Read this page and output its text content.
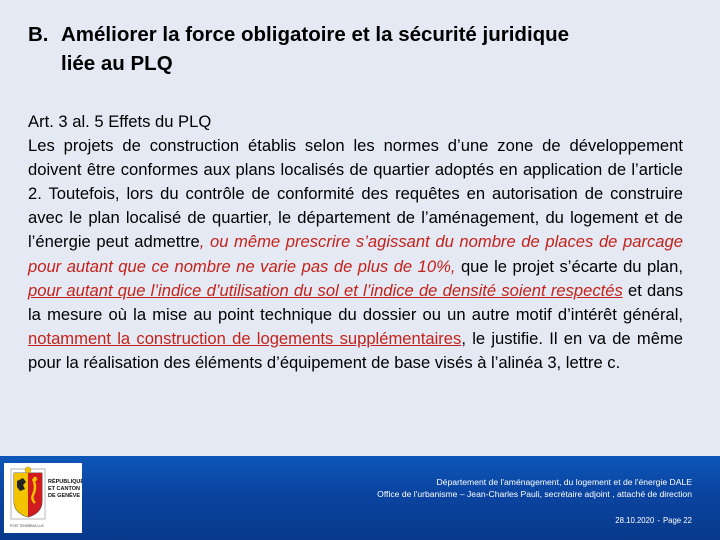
B. Améliorer la force obligatoire et la sécurité juridique
liée au PLQ
Art. 3 al. 5 Effets du PLQ
Les projets de construction établis selon les normes d’une zone de développement doivent être conformes aux plans localisés de quartier adoptés en application de l’article 2. Toutefois, lors du contrôle de conformité des requêtes en autorisation de construire avec le plan localisé de quartier, le département de l’aménagement, du logement et de l’énergie peut admettre, ou même prescrire s’agissant du nombre de places de parcage pour autant que ce nombre ne varie pas de plus de 10%, que le projet s’écarte du plan, pour autant que l’indice d’utilisation du sol et l’indice de densité soient respectés et dans la mesure où la mise au point technique du dossier ou un autre motif d’intérêt général, notamment la construction de logements supplémentaires, le justifie. Il en va de même pour la réalisation des éléments d’équipement de base visés à l’alinéa 3, lettre c.
RÉPUBLIQUE
ET CANTON
DE GENÈVE
POST TENEBRAS LUX
Département de l'aménagement, du logement et de l'énergie DALE
Office de l'urbanisme – Jean-Charles Pauli, secrétaire adjoint , attaché de direction
28.10.2020 - Page 22
